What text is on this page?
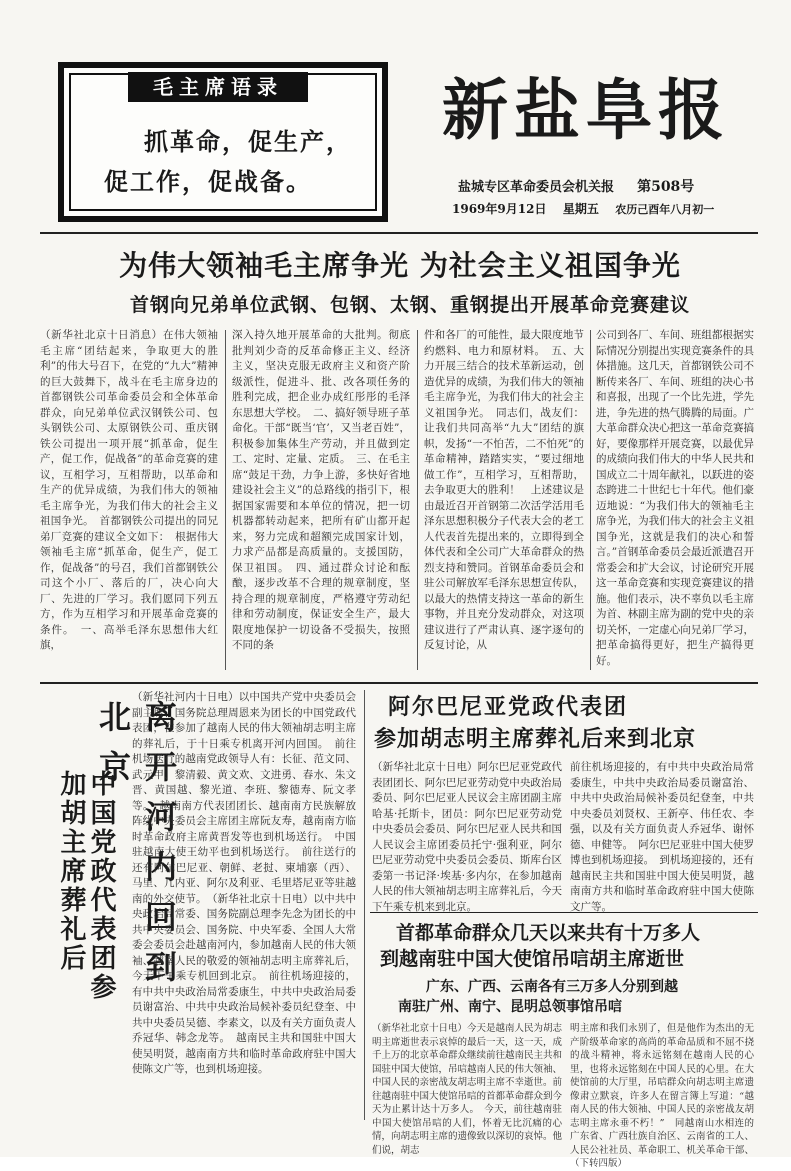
毛主席语录
抓革命，促生产，
促工作，促战备。
新盐阜报
盐城专区革命委员会机关报 第508号
1969年9月12日 星期五 农历己酉年八月初一
为伟大领袖毛主席争光 为社会主义祖国争光
首钢向兄弟单位武钢、包钢、太钢、重钢提出开展革命竞赛建议
（新华社北京十日消息）在伟大领袖毛主席“团结起来，争取更大的胜利”的伟大号召下，在党的“九大”精神的巨大鼓舞下，战斗在毛主席身边的首都钢铁公司革命委员会和全体革命群众，向兄弟单位武汉钢铁公司、包头钢铁公司、太原钢铁公司、重庆钢铁公司提出一项开展“抓革命，促生产，促工作，促战备”的革命竞赛的建议，互相学习，互相帮助，以革命和生产的优异成绩，为我们伟大的领袖毛主席争光，为我们伟大的社会主义祖国争光。　首都钢铁公司提出的同兄弟厂竞赛的建议全文如下：　根据伟大领袖毛主席“抓革命，促生产，促工作，促战备”的号召，我们首都钢铁公司这个小厂、落后的厂，决心向大厂、先进的厂学习。我们愿同下列五方，作为互相学习和开展革命竞赛的条件。　一、高举毛泽东思想伟大红旗，
深入持久地开展革命的大批判。彻底批判刘少奇的反革命修正主义、经济主义，坚决克服无政府主义和资产阶级派性，促进斗、批、改各项任务的胜利完成，把企业办成红彤彤的毛泽东思想大学校。　二、搞好领导班子革命化。干部“既当‘官’，又当老百姓”，积极参加集体生产劳动，并且做到定工、定时、定量、定质。　三、在毛主席“鼓足干劲，力争上游，多快好省地建设社会主义”的总路线的指引下，根据国家需要和本单位的情况，把一切机器都转动起来，把所有矿山都开起来，努力完成和超额完成国家计划，力求产品都是高质量的。支援国防，保卫祖国。　四、通过群众讨论和酝酿，逐步改革不合理的规章制度，坚持合理的规章制度，严格遵守劳动纪律和劳动制度，保证安全生产，最大限度地保护一切设备不受损失，按照不同的条
件和各厂的可能性，最大限度地节约燃料、电力和原材料。　五、大力开展三结合的技术革新运动，创造优异的成绩，为我们伟大的领袖毛主席争光，为我们伟大的社会主义祖国争光。　同志们，战友们：让我们共同高举“九大”团结的旗帜，发扬“一不怕苦，二不怕死”的革命精神，踏踏实实，“要过细地做工作”，互相学习，互相帮助，去争取更大的胜利！　上述建议是由最近召开首钢第二次活学活用毛泽东思想积极分子代表大会的老工人代表首先提出来的，立即得到全体代表和全公司广大革命群众的热烈支持和赞同。首钢革命委员会和驻公司解放军毛泽东思想宣传队，以最大的热情支持这一革命的新生事物，并且充分发动群众，对这项建议进行了严肃认真、逐字逐句的反复讨论，从
公司到各厂、车间、班组都根据实际情况分别提出实现竞赛条件的具体措施。这几天，首都钢铁公司不断传来各厂、车间、班组的决心书和喜报，出现了一个比先进，学先进，争先进的热气腾腾的局面。广大革命群众决心把这一革命竞赛搞好，要像那样开展竞赛，以最优异的成绩向我们伟大的中华人民共和国成立二十周年献礼，以跃进的姿态跨进二十世纪七十年代。他们豪迈地说：“为我们伟大的领袖毛主席争光，为我们伟大的社会主义祖国争光，这就是我们的决心和誓言。”首钢革命委员会最近派遣召开常委会和扩大会议，讨论研究开展这一革命竞赛和实现竞赛建议的措施。他们表示，决不辜负以毛主席为首、林副主席为副的党中央的亲切关怀，一定虚心向兄弟厂学习，把革命搞得更好，把生产搞得更好。
中国党政代表团参加胡主席葬礼后	离开河内回到北京
（新华社河内十日电）以中国共产党中央委员会副主席、国务院总理周恩来为团长的中国党政代表团，在参加了越南人民的伟大领袖胡志明主席的葬礼后，于十日乘专机离开河内回国。　前往机场送行的越南党政领导人有：长征、范文同、武元甲、黎清毅、黄文欢、文进勇、春水、朱文晋、黄国越、黎光道、李班、黎德寿、阮文孝等。　越南南方代表团团长、越南南方民族解放阵线中央委员会主席团主席阮友寿，越南南方临时革命政府主席黄晋发等也到机场送行。　中国驻越南大使王幼平也到机场送行。　前往送行的还有阿尔巴尼亚、朝鲜、老挝、柬埔寨（西）、马里、几内亚、阿尔及利亚、毛里塔尼亚等驻越南的外交使节。　（新华社北京十日电）以中共中央政治局常委、国务院副总理李先念为团长的中共中央委员会、国务院、中央军委、全国人大常委会委员会赴越南河内，参加越南人民的伟大领袖、越南人民的敬爱的领袖胡志明主席葬礼后，今天下午乘专机回到北京。　前往机场迎接的，有中共中央政治局常委康生，中共中央政治局委员谢富治、中共中央政治局候补委员纪登奎、中共中央委员吴德、李素文，以及有关方面负责人乔冠华、韩念龙等。　越南民主共和国驻中国大使吴明贤，越南南方共和临时革命政府驻中国大使陈文广等，也到机场迎接。
阿尔巴尼亚党政代表团
参加胡志明主席葬礼后来到北京
（新华社北京十日电）阿尔巴尼亚党政代表团团长、阿尔巴尼亚劳动党中央政治局委员、阿尔巴尼亚人民议会主席团副主席哈基·托斯卡，团员：阿尔巴尼亚劳动党中央委员会委员、阿尔巴尼亚人民共和国人民议会主席团委员托宁·强利亚，阿尔巴尼亚劳动党中央委员会委员、斯库台区委第一书记泽·埃基·多内尔，在参加越南人民的伟大领袖胡志明主席葬礼后，今天下午乘专机来到北京。
前往机场迎接的，有中共中央政治局常委康生，中共中央政治局委员谢富治、中共中央政治局候补委员纪登奎，中共中央委员刘贤权、王新亭、伟任农、李强，以及有关方面负责人乔冠华、谢怀德、申健等。　阿尔巴尼亚驻中国大使罗博也到机场迎接。　到机场迎接的，还有越南民主共和国驻中国大使吴明贤，越南南方共和临时革命政府驻中国大使陈文广等。
首都革命群众几天以来共有十万多人
到越南驻中国大使馆吊唁胡主席逝世
广东、广西、云南各有三万多人分别到越
南驻广州、南宁、昆明总领事馆吊唁
（新华社北京十日电）今天是越南人民为胡志明主席逝世表示哀悼的最后一天，这一天，成千上万的北京革命群众继续前往越南民主共和国驻中国大使馆，吊唁越南人民的伟大领袖、中国人民的亲密战友胡志明主席不幸逝世。前往越南驻中国大使馆吊唁的首都革命群众到今天为止累计达十万多人。　今天，前往越南驻中国大使馆吊唁的人们，怀着无比沉痛的心情，向胡志明主席的遗像致以深切的哀悼。他们说，胡志
明主席和我们永别了，但是他作为杰出的无产阶级革命家的高尚的革命品质和不屈不挠的战斗精神，将永远铭刻在越南人民的心里，也将永远铭刻在中国人民的心里。在大使馆前的大厅里，吊唁群众向胡志明主席遗像肃立默哀，许多人在留言簿上写道：“越南人民的伟大领袖、中国人民的亲密战友胡志明主席永垂不朽！”　同越南山水相连的广东省、广西壮族自治区、云南省的工人、人民公社社员、革命职工、机关革命干部、（下转四版）
